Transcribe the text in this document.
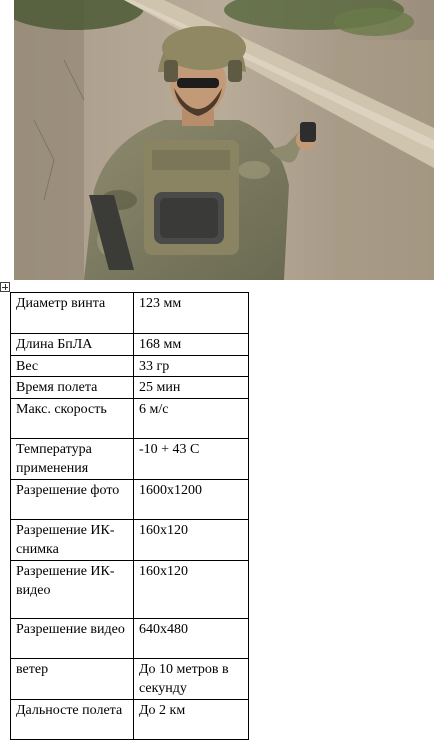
Диаметр винта	123 мм
Длина БпЛА	168 мм
Вес	33 гр
Время полета	25 мин
Макс. скорость	6 м/с
Температура применения	-10 + 43 С
Разрешение фото	1600х1200
Разрешение ИК-снимка	160х120
Разрешение ИК-видео	160х120
Разрешение видео	640х480
ветер	До 10 метров в секунду
Дальносте полета	До 2 км
